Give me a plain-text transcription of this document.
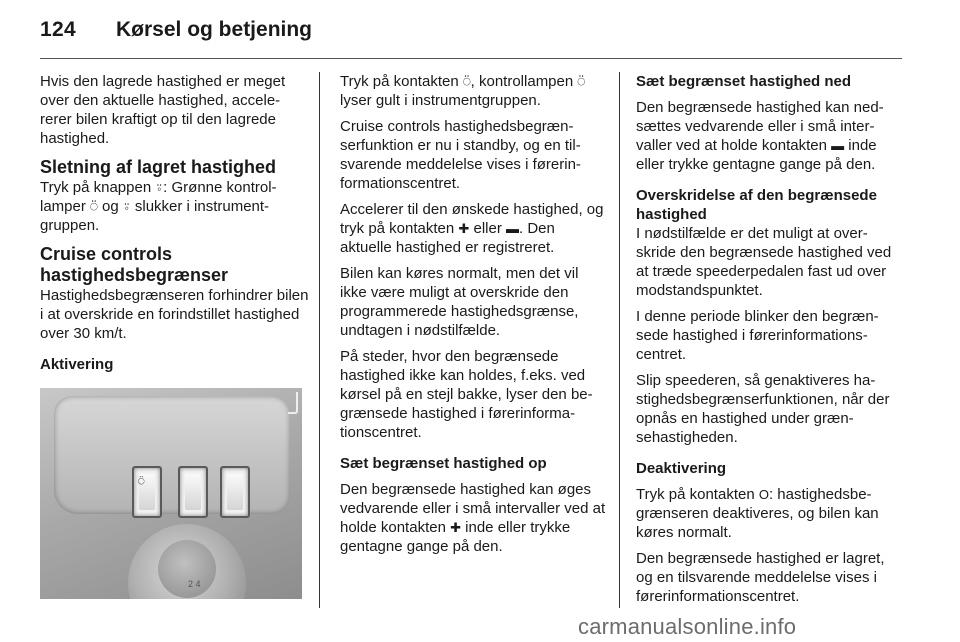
124 Kørsel og betjening

Hvis den lagrede hastighed er meget over den aktuelle hastighed, accele-rerer bilen kraftigt op til den lagrede hastighed.

Sletning af lagret hastighed

Tryk på knappen ⍤: Grønne kontrol-lamper ⍥ og ⍤ slukker i instrument-gruppen.

Cruise controls
hastighedsbegrænser

Hastighedsbegrænseren forhindrer bilen i at overskride en forindstillet hastighed over 30 km/t.

Aktivering

⍥
2 4

Tryk på kontakten ⍥, kontrollampen ⍥ lyser gult i instrumentgruppen.

Cruise controls hastighedsbegræn-serfunktion er nu i standby, og en til-svarende meddelelse vises i førerin-formationscentret.

Accelerer til den ønskede hastighed, og tryk på kontakten ✚ eller ▬. Den aktuelle hastighed er registreret.

Bilen kan køres normalt, men det vil ikke være muligt at overskride den programmerede hastighedsgrænse, undtagen i nødstilfælde.

På steder, hvor den begrænsede hastighed ikke kan holdes, f.eks. ved kørsel på en stejl bakke, lyser den be-grænsede hastighed i førerinforma-tionscentret.

Sæt begrænset hastighed op

Den begrænsede hastighed kan øges vedvarende eller i små intervaller ved at holde kontakten ✚ inde eller trykke gentagne gange på den.

Sæt begrænset hastighed ned

Den begrænsede hastighed kan ned-sættes vedvarende eller i små inter-valler ved at holde kontakten ▬ inde eller trykke gentagne gange på den.

Overskridelse af den begrænsede
hastighed

I nødstilfælde er det muligt at over-skride den begrænsede hastighed ved at træde speederpedalen fast ud over modstandspunktet.

I denne periode blinker den begræn-sede hastighed i førerinformations-centret.

Slip speederen, så genaktiveres ha-stighedsbegrænserfunktionen, når der opnås en hastighed under græn-sehastigheden.

Deaktivering

Tryk på kontakten O: hastighedsbe-grænseren deaktiveres, og bilen kan køres normalt.

Den begrænsede hastighed er lagret, og en tilsvarende meddelelse vises i førerinformationscentret.

carmanualsonline.info
